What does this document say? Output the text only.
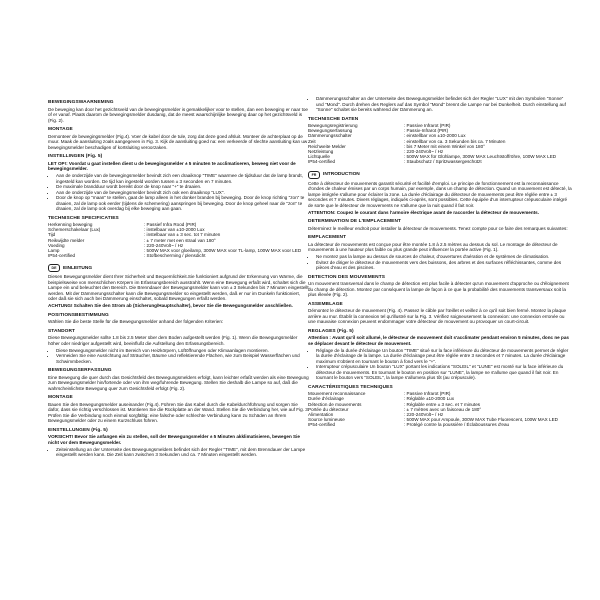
BEWEGINGSWAARNEMING

De beweging kan door het gezichtsveld van de bewegingsmelder is gemakkelijker voor te stellen, dan een beweging er naar toe of er vanaf. Plaats daarom de bewegingsmelder dusdanig, dat de meest waarschijnlijke beweging daar op het gezichtsveld is (Fig. 2).

MONTAGE

Demonteer de bewegingsmelder (Fig.4). Voer de kabel door de tule, zorg dat deze goed afsluit. Monteer de achterplaat op de muur. Maak de aansluiting zoals aangegeven in Fig. 3. Kijk de aansluiting goed na: een verkeerde of slechte aansluiting kan uw bewegingsmelder beschadigen of kortsluiting veroorzaken.

INSTELLINGEN (Fig. 5)

LET OP!: Voordat u gaat instellen dient u de bewegingsmelder ± 5 minuten te acclimatiseren, beweeg niet voor de bewegingsmelder.

• Aan de onderzijde van de bewegingsmelder bevindt zich een draaiknop "TIME" waarmee de tijdsduur dat de lamp brandt, ingesteld kan worden. De tijd kan ingesteld worden tussen ± 3 seconden en 7 minuten.
• De maximale brandduur wordt bereikt door de knop naar "+" te draaien.
• Aan de onderzijde van de bewegingsmelder bevindt zich ook een draaiknop "LUX".
• Door de knop op "maan" te stellen, gaat de lamp alleen in het donker branden bij beweging. Door de knop richting "zon" te draaien, zal de lamp ook eerder (tijdens de schemering) aanspringen bij beweging. Door de knop geheel naar de "zon" te draaien, zal de lamp ook overdag bij elke beweging aan gaan.
TECHNISCHE SPECIFICATIES
Herkenning beweging	: Passief Infra Rood (PIR)
Schemerschakelaar (Lux)	: instelbaar van ±10-2000 Lux
Tijd	: instelbaar van ± 3 sec. tot 7 minuten
Reikwijdte melder	: ± 7 meter met een straal van 180°
Voeding	: 220-240Volt~ / Hz
Lamp	: 500W MAX voor gloeilamp, 300W MAX voor TL-lamp, 100W MAX voor LED
IP54-certified	: Stofbescherming / plensdicht
DE	EINLEITUNG

Diesen Bewegungsmelder dient Ihrer Sicherheit und Bequemlichkeit.Sie funktioniert aufgrund der Erkennung von Wärme, die beispielsweise von menschlichen Körpern im Erfassungsbereich ausstrahlt. Wenn eine Bewegung erfaßt wird, schaltet sich die Lampe ein und beleuchtet den Bereich. Die Brenndauer der Bewegungsmelder kann von ± 3 Sekunden bis 7 Minuten eingestellt werden. Mit der Dämmerungsschalter kann die Bewegungsmelder so eingestellt werden, daß er nur im Dunkeln funktioniert, oder daß sie sich auch bei Dämmerung einschaltet, sobald Bewegungen erfaßt werden.

ACHTUNG! Schalten Sie den Strom ab (Sicherung/Hauptschalter), bevor Sie die Bewegungsmelder anschließen.

POSITIONSBESTIMMUNG

Wählen Sie die beste Stelle für die Bewegungsmelder anhand der folgenden Kriterien:

STANDORT

Diese Bewegungsmelder sollte 1.8 bis 2.5 Meter über dem Boden aufgestellt werden (Fig. 1). Wenn die Bewegungsmelder höher oder niedriger aufgestellt wird, beeinflußt die Aufstellung den Erfassungsbereich.

• Diese Bewegungsmelder nicht im Bereich von Heizkörpern, Lüftöffnungen oder Klimaanlagen montieren.
• Vermeiden Sie eine Ausrichtung auf Sträucher, Bäume und reflektierende Flächen, wie zum Beispiel Wasserflächen und Schwimmbecken.
BEWEGUNGSERFASSUNG

Eine Bewegung die quer durch das Gesichtsfeld des Bewegungsmelders erfolgt, kann leichter erfaßt werden als eine Bewegung zum Bewegungsmelder hin/fortende oder von ihm weg/fuhrende Bewegung. Stellen Sie deshalb die Lampe so auf, daß die wahrscheinlichste Bewegung quer zum Gesichtsfeld erfolgt (Fig. 2).

MONTAGE

Bauen Sie den Bewegungsmelder auseinander (Fig.4). Führen Sie das Kabel durch die Kabeldurchführung und sorgen Sie dafür, dass sie richtig verschlossen ist. Montieren Sie die Rückplatte an der Wand. Stellen Sie die Verbindung her, wie auf Fig. 3. Prüfen Sie die Verbindung noch einmal sorgfältig: eine falsche oder schlechte Verbindung kann zu Schäden an Ihrem Bewegungsmelder oder zu einem Kurzschluss führen.

EINSTELLUNGEN (Fig. 5)

VORSICHT! Bevor Sie anfangen ein zu stellen, soll der Bewegungsmelder ± 5 Minuten akklimatisieren, bewegen Sie nicht vor dem Bewegungsmelder.

• Zeiteinstellung an der Unterseite des Bewegungsmelders befindet sich der Regler "TIME", mit dem Brenndauer der Lampe eingestellt werden kann. Die Zeit kann zwischen 3 Sekunden und ca. 7 Minuten eingestellt werden.
• Dämmerungsschalter an der Unterseite des Bewegungsmelder befindet sich der Regler "LUX" mit den Symbolen "Sonne" und "Mond". Durch drehen des Reglers auf das Symbol "Mond" brennt die Lampe nur bei Dunkelheit. Durch einstellung auf "Sonne" schaltet sie bereits während der Dämmerung an.
TECHNISCHE DATEN
Bewegungsregistrierung	: Passive Infrarot (PIR)
Bewegungserfassung	: Passiv-Infrarot (PIR)
Dämmerungsschalter	: einstellbar von ±10-2000 Lux
Zeit	: einstellbar von ca. 3 Sekunden bis ca. 7 Minuten
Reichweite Melder	: bis 7 Meter mit einem Winkel von 180°
Netzleistung	: 220-240Volt~ / Hz
Lichtquelle	: 500W MAX für Glühlampe, 300W MAX Leuchtstoffröhre, 100W MAX LED
IP54-certified	: Staubschutz / Spritzwassergeschützt
FR	INTRODUCTION

Cette à détecteur de mouvements garantit sécurité et facilité d'emploi. Le principe de fonctionnement est la reconnaissance d'ondes de chaleur émises par un corps humain, par exemple, dans un champ de détection. Quand un mouvement est détecté, la lampe intégrée s'allume pour éclairer la zone. La durée d'éclairage du détecteur de mouvements peut être réglée entre ± 3 secondes et 7 minutes. Divers réglages, indiqués ci-après, sont possibles. Cette équipée d'un interrupteur crépusculaire intégré de sorte que le détecteur de mouvements ne s'allume que la nuit quand il fait noir.

ATTENTION: Coupez le courant dans l'armoire électrique avant de raccorder la détecteur de mouvements.

DETERMINATION DE L'EMPLACEMENT

Déterminez le meilleur endroit pour installer la détecteur de mouvements. Tenez compte pour ce faire des remarques suivantes:

EMPLACEMENT

La détecteur de mouvements est conçue pour être montée 1.8 à 2.5 mètres au dessus du sol. Le montage de détecteur de mouvements à une hauteur plus faible ou plus grande peut influencer la portée active (Fig. 1).

• Ne montez pas la lampe au dessus de sources de chaleur, d'ouvertures d'aération et de systèmes de climatisation.
• Évitez de diriger le détecteur de mouvements vers des buissons, des arbres et des surfaces réfléchissantes, comme des pièces d'eau et des piscines.
DETECTION DES MOUVEMENTS

Un mouvement transversal dans le champ de détection est plus facile à détecter qu'un mouvement d'approche ou d'éloignement du champ de détection. Montez par conséquent la lampe de façon à ce que la probabilité des mouvements transversaux soit la plus élevée (Fig. 2).

ASSEMBLAGE

Démontez le détecteur de mouvement (Fig. 4). Passez le câble par l'œillet et veillez à ce qu'il soit bien fermé. Montez la plaque arrière au mur. Établir la connexion tel qu'illustré sur la Fig. 3. Vérifiez soigneusement la connexion: une connexion erronée ou une mauvaise connexion peuvent endommager votre détecteur de mouvement ou provoquer un court-circuit.

REGLAGES (Fig. 5)

Attention : Avant qu'il soit allumé, le détecteur de mouvement doit s'acclimater pendant environ 5 minutes, donc ne pas se déplacer devant le détecteur de mouvement.

• Réglage de la durée d'éclairage Un bouton "TIME" situé sur la face inférieure du détecteur de mouvements permet de régler la durée d'éclairage de la lampe. La durée d'éclairage peut être réglée entre 3 secondes et 7 minutes. La durée d'éclairage maximum s'obtient en tournant le bouton à fond vers le "+".
• Interrupteur crépusculaire Un bouton "LUX" portant les indications "SOLEIL" et "LUNE" est monté sur la face inférieure du détecteur de mouvements. En tournant le bouton en position sur "LUNE", la lampe ne s'allume que quand il fait noir. En tournant le bouton vers "SOLEIL", la lampe s'allumera plus tôt (au crépuscule).
CARACTÉRISTIQUES TECHNIQUES
Mouvement reconnaissance	: Passive Infrarot (PIR)
Durée d'éclairage	: Réglable ±10-2000 Lux
Détection de mouvements	: Réglable entre ± 3 sec. et 7 minutes
Portée du détecteur	: ± 7 mètres avec un faisceau de 180°
Alimentation	: 220-240Volt~ / Hz
Source lumineuse	: 500W MAX pour Ampoule, 300W MAX Tube Fluorescent, 100W MAX LED
IP54-certified	: Protégé contre la poussière / Éclaboussures d'eau
